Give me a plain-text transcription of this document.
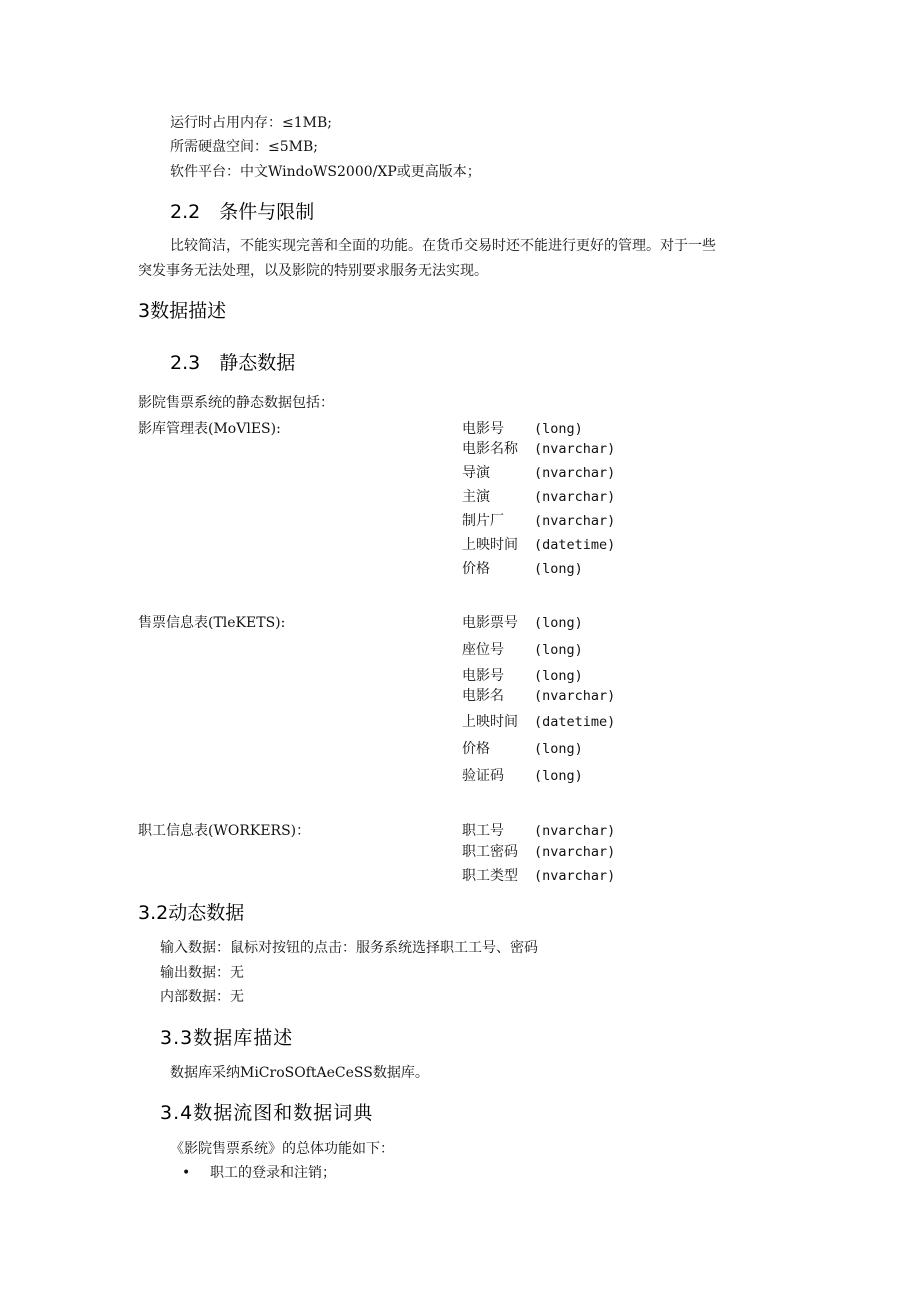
运行时占用内存：≤1MB;
所需硬盘空间：≤5MB;
软件平台：中文WindoWS2000/XP或更高版本；
2.2　条件与限制
比较简洁，不能实现完善和全面的功能。在货币交易时还不能进行更好的管理。对于一些
突发事务无法处理，以及影院的特别要求服务无法实现。
3数据描述
2.3　静态数据
影院售票系统的静态数据包括：
影库管理表(MoVlES):	电影号 (long)
电影名称 (nvarchar)
导演	(nvarchar)
主演	(nvarchar)
制片厂 (nvarchar)
上映时间 (datetime)
价格	(long)
售票信息表(TleKETS):	电影票号 (long)
座位号 (long)
电影号 (long)
电影名 (nvarchar)
上映时间 (datetime)
价格	(long)
验证码 (long)
职工信息表(WORKERS)：	职工号 (nvarchar)
职工密码 (nvarchar)
职工类型 (nvarchar)
3.2动态数据
输入数据：鼠标对按钮的点击：服务系统选择职工工号、密码
输出数据：无
内部数据：无
3.3数据库描述
数据库采纳MiCroSOftAeCeSS数据库。
3.4数据流图和数据词典
《影院售票系统》的总体功能如下：
• 职工的登录和注销；
